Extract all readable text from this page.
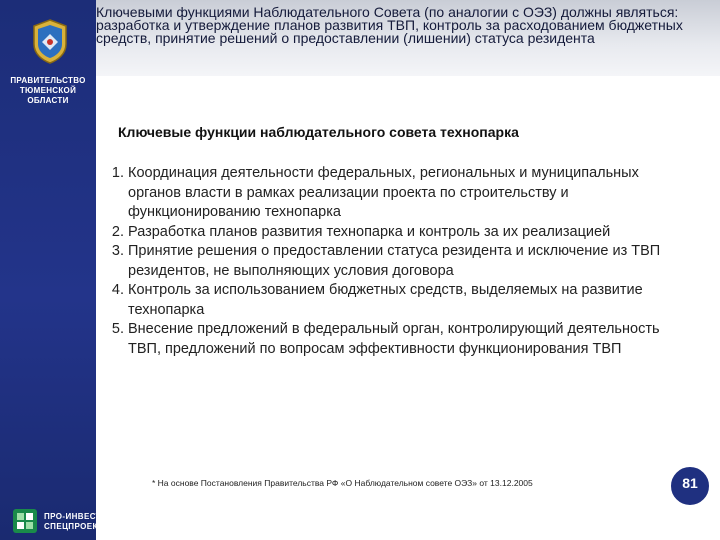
Ключевыми функциями Наблюдательного Совета (по аналогии с ОЭЗ) должны являться: разработка и утверждение планов развития ТВП, контроль за расходованием бюджетных средств, принятие решений о предоставлении (лишении) статуса резидента
ПРАВИТЕЛЬСТВО
ТЮМЕНСКОЙ
ОБЛАСТИ
Ключевые функции наблюдательного совета технопарка
1. Координация деятельности федеральных, региональных и муниципальных органов власти в рамках реализации проекта по строительству и функционированию технопарка
2. Разработка планов развития технопарка и контроль за их реализацией
3. Принятие решения о предоставлении статуса резидента и исключение из ТВП резидентов, не выполняющих условия договора
4. Контроль за использованием бюджетных средств, выделяемых на развитие технопарка
5. Внесение предложений в федеральный орган, контролирующий деятельность ТВП, предложений по вопросам эффективности функционирования ТВП
* На основе Постановления Правительства РФ «О Наблюдательном совете ОЭЗ» от 13.12.2005	81
ПРО-ИНВЕСТ
СПЕЦПРОЕКТ
